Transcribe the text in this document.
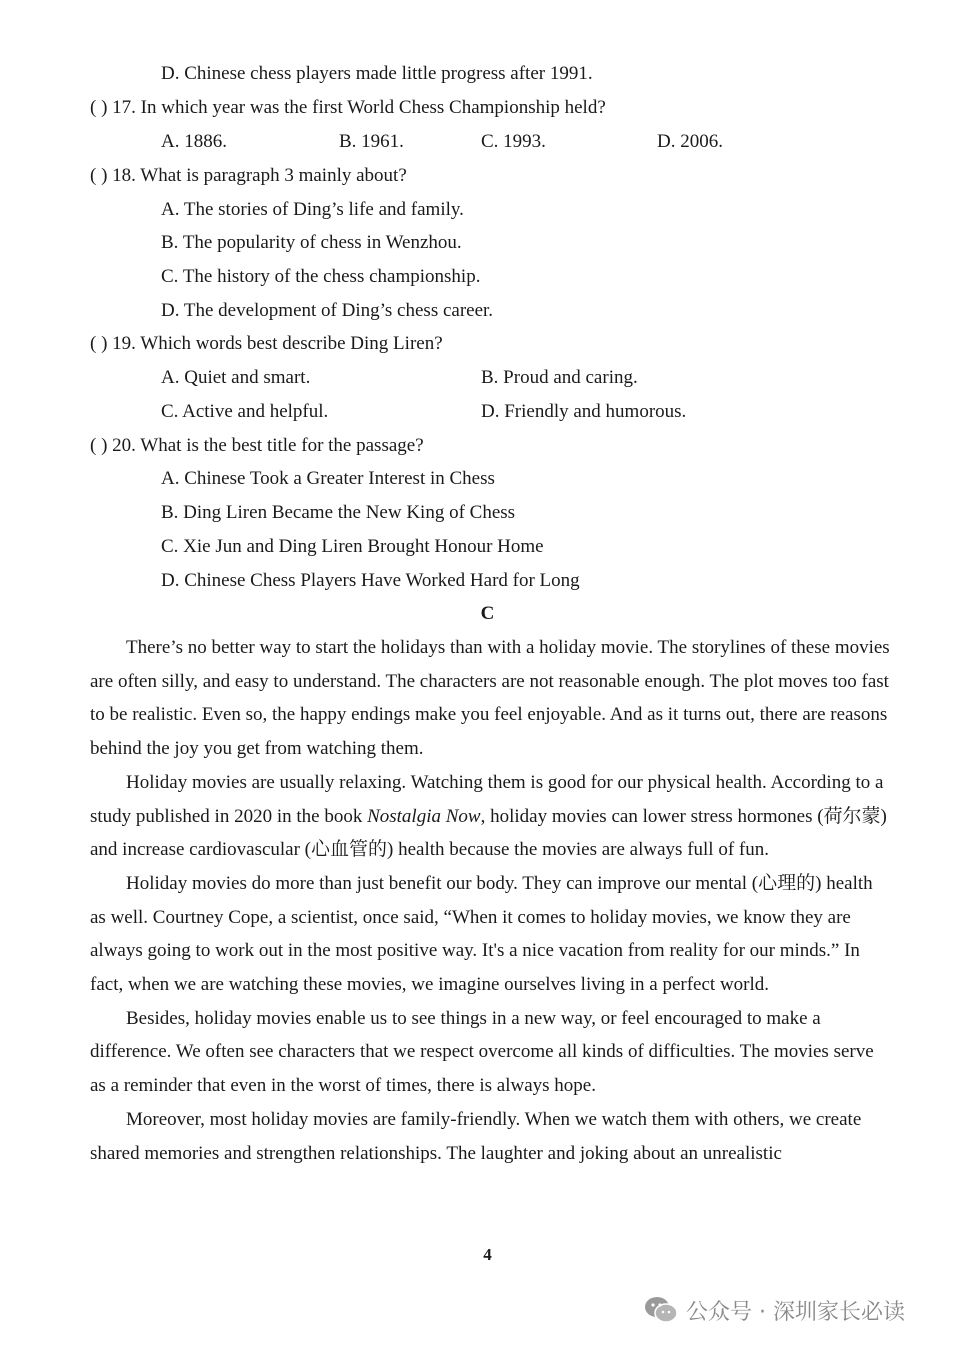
D. Chinese chess players made little progress after 1991.
( ) 17. In which year was the first World Chess Championship held?
A. 1886.	B. 1961.	C. 1993.	D. 2006.
( ) 18. What is paragraph 3 mainly about?
A. The stories of Ding’s life and family.
B. The popularity of chess in Wenzhou.
C. The history of the chess championship.
D. The development of Ding’s chess career.
( ) 19. Which words best describe Ding Liren?
A. Quiet and smart.	B. Proud and caring.
C. Active and helpful.	D. Friendly and humorous.
( ) 20. What is the best title for the passage?
A. Chinese Took a Greater Interest in Chess
B. Ding Liren Became the New King of Chess
C. Xie Jun and Ding Liren Brought Honour Home
D. Chinese Chess Players Have Worked Hard for Long
C

There’s no better way to start the holidays than with a holiday movie. The storylines of these movies are often silly, and easy to understand. The characters are not reasonable enough. The plot moves too fast to be realistic. Even so, the happy endings make you feel enjoyable. And as it turns out, there are reasons behind the joy you get from watching them.

Holiday movies are usually relaxing. Watching them is good for our physical health. According to a study published in 2020 in the book Nostalgia Now, holiday movies can lower stress hormones (荷尔蒙) and increase cardiovascular (心血管的) health because the movies are always full of fun.

Holiday movies do more than just benefit our body. They can improve our mental (心理的) health as well. Courtney Cope, a scientist, once said, “When it comes to holiday movies, we know they are always going to work out in the most positive way. It's a nice vacation from reality for our minds.” In fact, when we are watching these movies, we imagine ourselves living in a perfect world.

Besides, holiday movies enable us to see things in a new way, or feel encouraged to make a difference. We often see characters that we respect overcome all kinds of difficulties. The movies serve as a reminder that even in the worst of times, there is always hope.

Moreover, most holiday movies are family-friendly. When we watch them with others, we create shared memories and strengthen relationships. The laughter and joking about an unrealistic

4
公众号 · 深圳家长必读
